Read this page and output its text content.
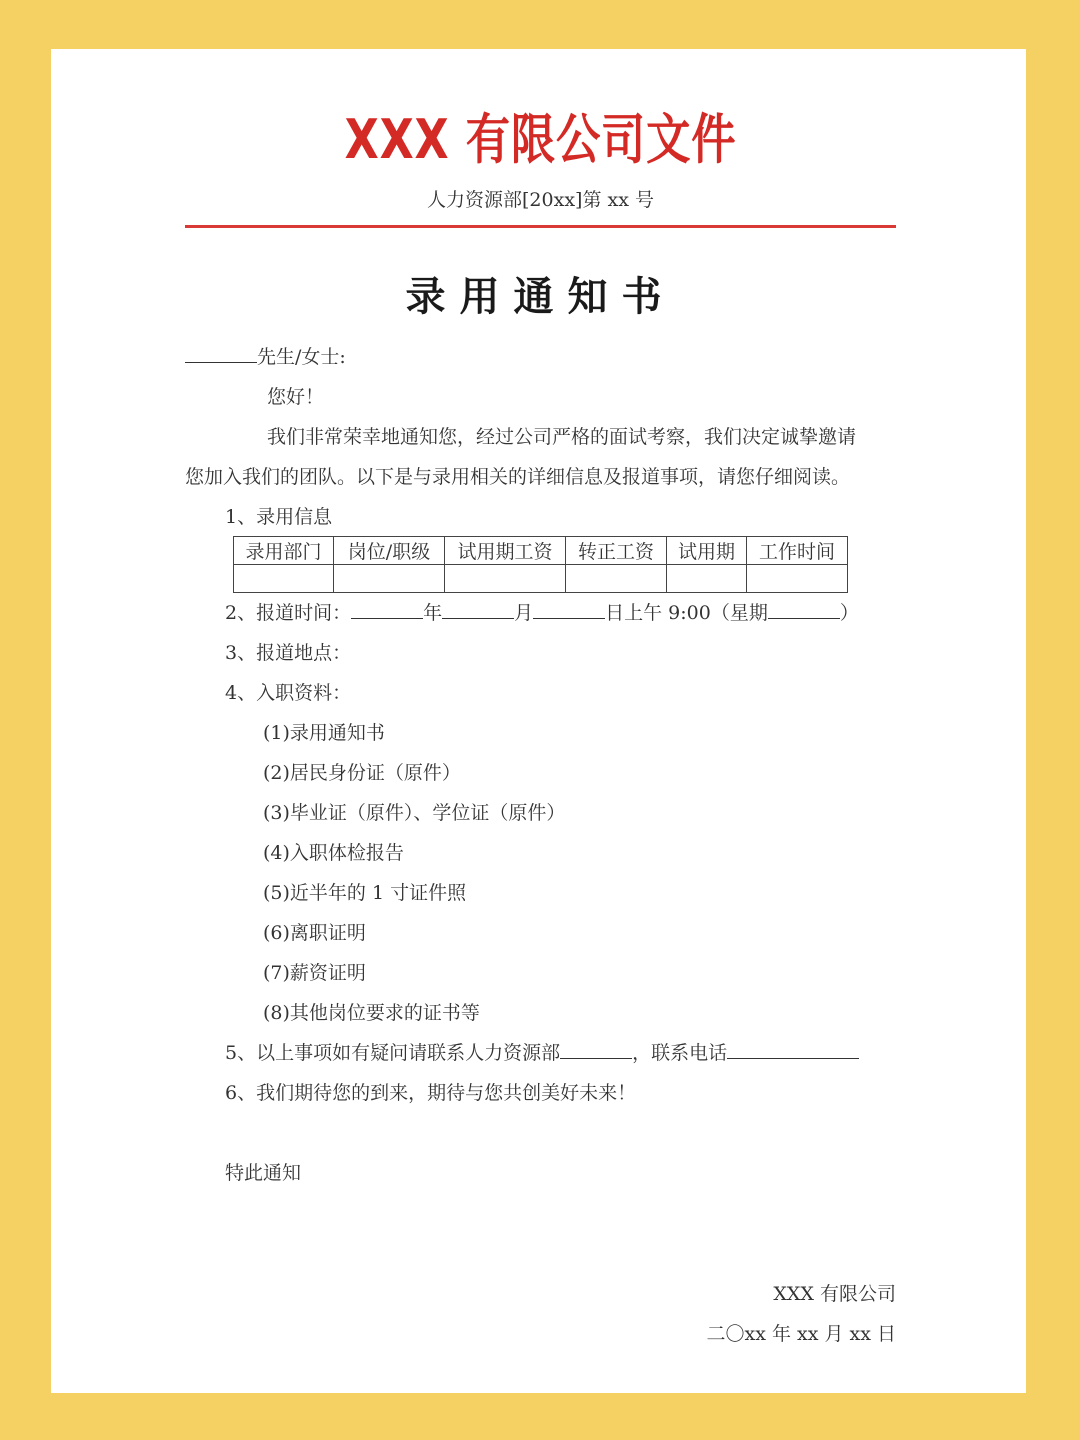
XXX 有限公司文件
人力资源部[20xx]第 xx 号
录用通知书
先生/女士:
您好！
我们非常荣幸地通知您，经过公司严格的面试考察，我们决定诚挚邀请
您加入我们的团队。以下是与录用相关的详细信息及报道事项，请您仔细阅读。
1、录用信息
录用部门	岗位/职级	试用期工资	转正工资	试用期	工作时间

2、报道时间：	年	月	日上午 9:00（星期	）
3、报道地点：
4、入职资料：
(1)录用通知书
(2)居民身份证（原件）
(3)毕业证（原件）、学位证（原件）
(4)入职体检报告
(5)近半年的 1 寸证件照
(6)离职证明
(7)薪资证明
(8)其他岗位要求的证书等
5、以上事项如有疑问请联系人力资源部	，联系电话
6、我们期待您的到来，期待与您共创美好未来！
特此通知
XXX 有限公司
二〇xx 年 xx 月 xx 日
